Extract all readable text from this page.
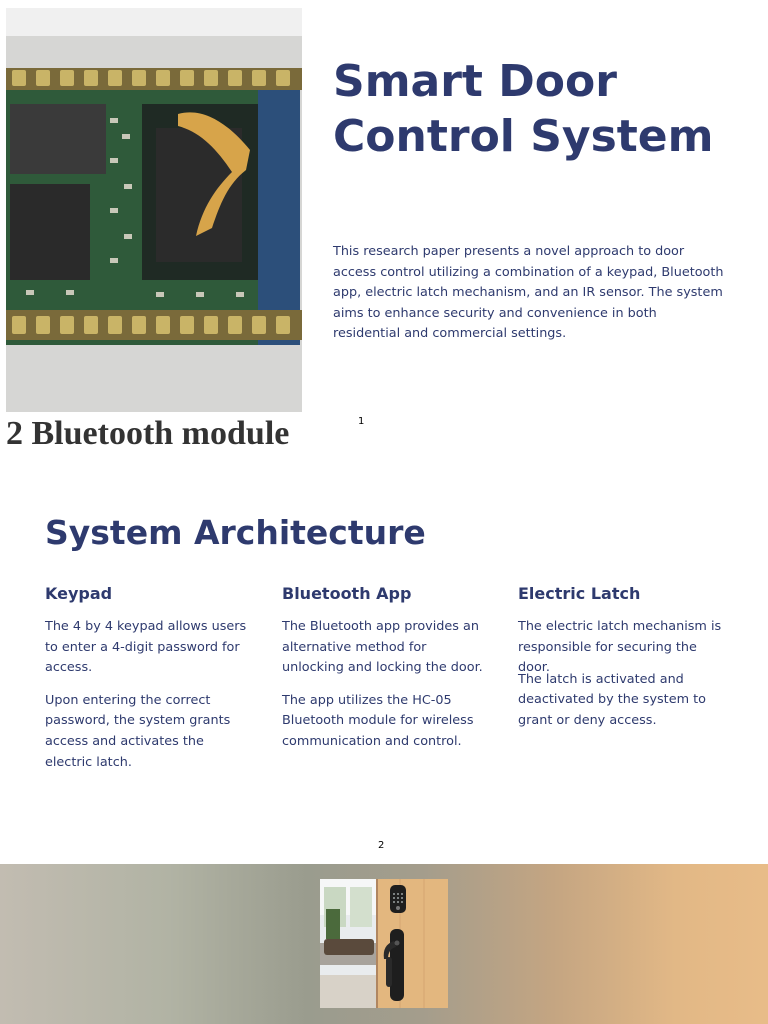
2 Bluetooth module
Smart Door Control System

This research paper presents a novel approach to door access control utilizing a combination of a keypad, Bluetooth app, electric latch mechanism, and an IR sensor. The system aims to enhance security and convenience in both residential and commercial settings.

1
System Architecture
Keypad

The 4 by 4 keypad allows users to enter a 4-digit password for access.

Upon entering the correct password, the system grants access and activates the electric latch.

Bluetooth App

The Bluetooth app provides an alternative method for unlocking and locking the door.

The app utilizes the HC-05 Bluetooth module for wireless communication and control.

Electric Latch

The electric latch mechanism is responsible for securing the door.

The latch is activated and deactivated by the system to grant or deny access.

2
